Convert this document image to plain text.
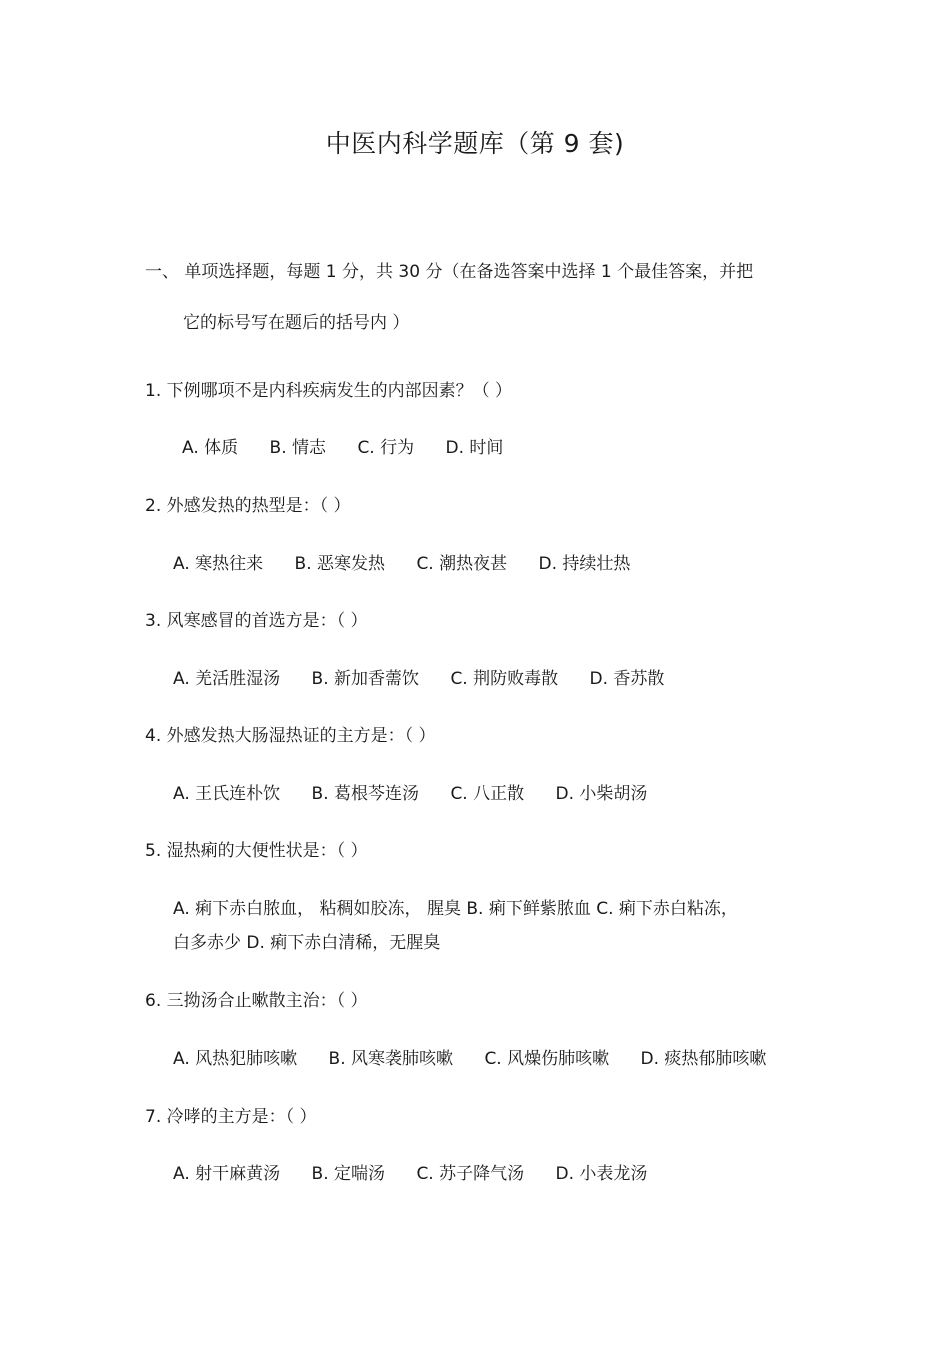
中医内科学题库（第 9 套)
一、 单项选择题，每题 1 分，共 30 分（在备选答案中选择 1 个最佳答案，并把
它的标号写在题后的括号内 ）
1. 下例哪项不是内科疾病发生的内部因素？（ ）
A. 体质 B. 情志 C. 行为 D. 时间
2. 外感发热的热型是：（ ）
A. 寒热往来 B. 恶寒发热 C. 潮热夜甚 D. 持续壮热
3. 风寒感冒的首选方是：（ ）
A. 羌活胜湿汤 B. 新加香薷饮 C. 荆防败毒散 D. 香苏散
4. 外感发热大肠湿热证的主方是：（ ）
A. 王氏连朴饮 B. 葛根芩连汤 C. 八正散 D. 小柴胡汤
5. 湿热痢的大便性状是：（ ）
A. 痢下赤白脓血， 粘稠如胶冻， 腥臭 B. 痢下鲜紫脓血 C. 痢下赤白粘冻，
白多赤少 D. 痢下赤白清稀，无腥臭
6. 三拗汤合止嗽散主治：（ ）
A. 风热犯肺咳嗽 B. 风寒袭肺咳嗽 C. 风燥伤肺咳嗽 D. 痰热郁肺咳嗽
7. 冷哮的主方是：（ ）
A. 射干麻黄汤 B. 定喘汤 C. 苏子降气汤 D. 小表龙汤
